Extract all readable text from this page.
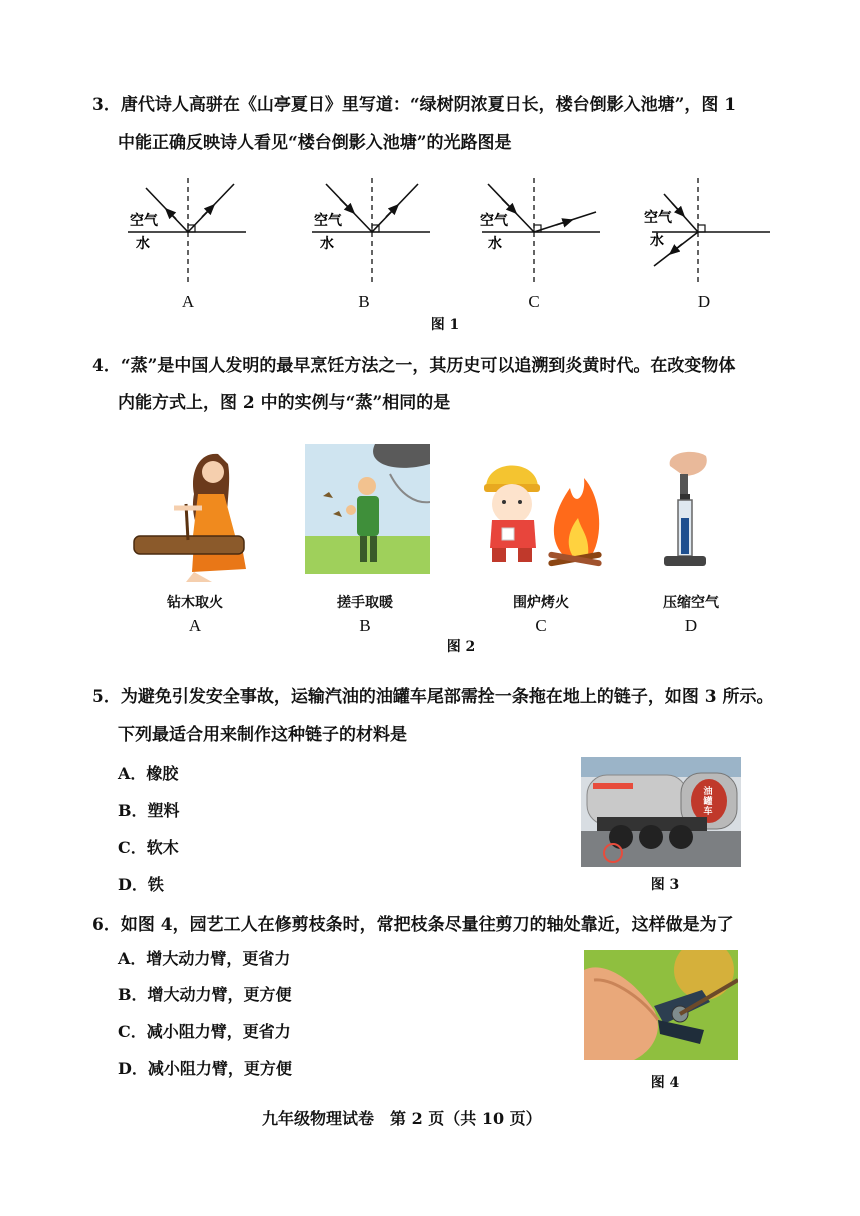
3．唐代诗人高骈在《山亭夏日》里写道：“绿树阴浓夏日长，楼台倒影入池塘”，图 1
中能正确反映诗人看见“楼台倒影入池塘”的光路图是
空气
水
空气
水
空气
水
空气
水
A	B	C	D
图 1
4．“蒸”是中国人发明的最早烹饪方法之一，其历史可以追溯到炎黄时代。在改变物体
内能方式上，图 2 中的实例与“蒸”相同的是
钻木取火	搓手取暖	围炉烤火	压缩空气
A	B	C	D
图 2
5．为避免引发安全事故，运输汽油的油罐车尾部需拴一条拖在地上的链子，如图 3 所示。
下列最适合用来制作这种链子的材料是
A．橡胶
B．塑料
C．软木
D．铁
油罐车
图 3
6．如图 4，园艺工人在修剪枝条时，常把枝条尽量往剪刀的轴处靠近，这样做是为了
A．增大动力臂，更省力
B．增大动力臂，更方便
C．减小阻力臂，更省力
D．减小阻力臂，更方便
图 4
九年级物理试卷　第 2 页（共 10 页）
